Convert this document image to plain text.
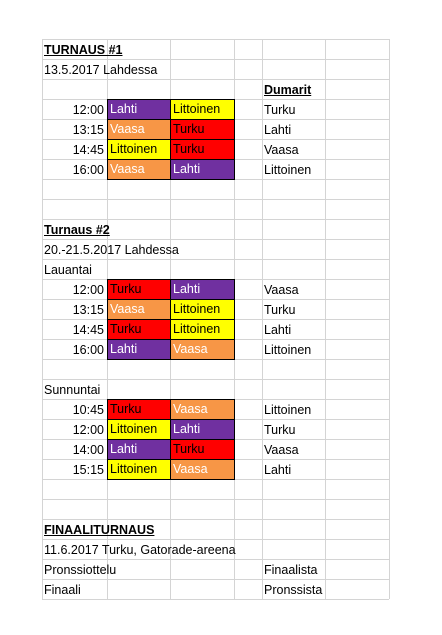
TURNAUS #1
13.5.2017 Lahdessa
Dumarit
12:00 Lahti	Littoinen	Turku
13:15 Vaasa	Turku	Lahti
14:45 Littoinen	Turku	Vaasa
16:00 Vaasa	Lahti	Littoinen
Turnaus #2
20.-21.5.2017 Lahdessa
Lauantai
12:00 Turku	Lahti	Vaasa
13:15 Vaasa	Littoinen	Turku
14:45 Turku	Littoinen	Lahti
16:00 Lahti	Vaasa	Littoinen
Sunnuntai
10:45 Turku	Vaasa	Littoinen
12:00 Littoinen	Lahti	Turku
14:00 Lahti	Turku	Vaasa
15:15 Littoinen	Vaasa	Lahti
FINAALITURNAUS
11.6.2017 Turku, Gatorade-areena
Pronssiottelu	Finaalista
Finaali	Pronssista
